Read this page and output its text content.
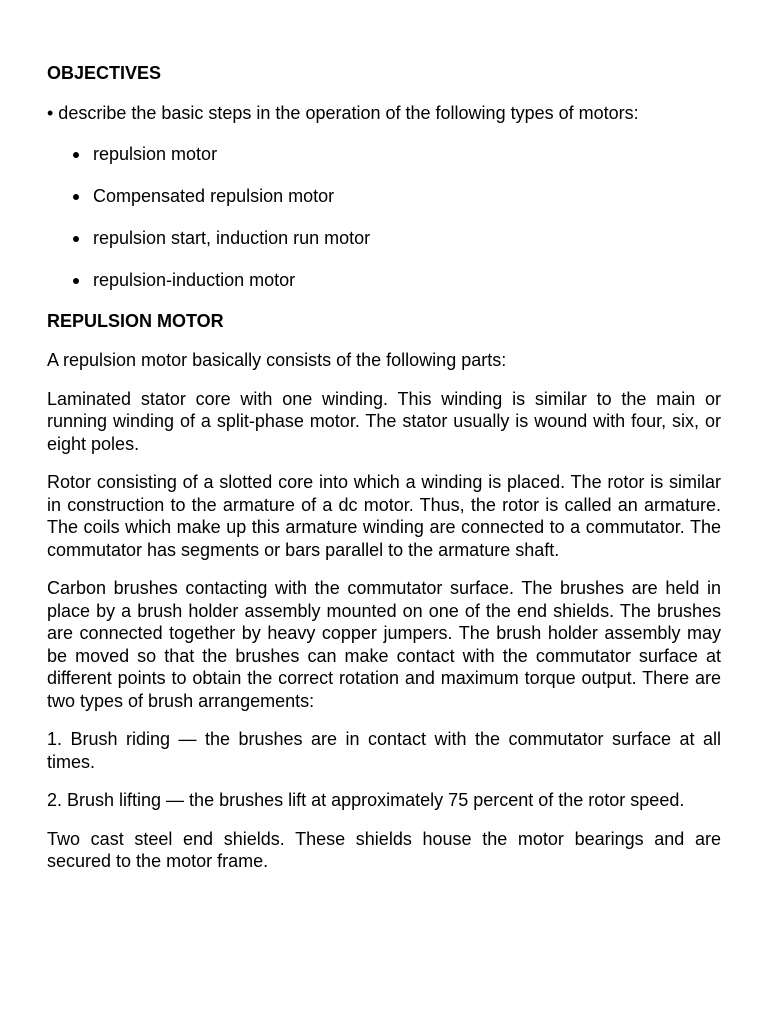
OBJECTIVES

• describe the basic steps in the operation of the following types of motors:

repulsion motor
Compensated repulsion motor
repulsion start, induction run motor
repulsion-induction motor

REPULSION MOTOR

A repulsion motor basically consists of the following parts:

Laminated stator core with one winding. This winding is similar to the main or running winding of a split-phase motor. The stator usually is wound with four, six, or eight poles.

Rotor consisting of a slotted core into which a winding is placed. The rotor is similar in construction to the armature of a dc motor. Thus, the rotor is called an armature. The coils which make up this armature winding are connected to a commutator. The commutator has segments or bars parallel to the armature shaft.

Carbon brushes contacting with the commutator surface. The brushes are held in place by a brush holder assembly mounted on one of the end shields. The brushes are connected together by heavy copper jumpers. The brush holder assembly may be moved so that the brushes can make contact with the commutator surface at different points to obtain the correct rotation and maximum torque output. There are two types of brush arrangements:

1. Brush riding — the brushes are in contact with the commutator surface at all times.

2. Brush lifting — the brushes lift at approximately 75 percent of the rotor speed.

Two cast steel end shields. These shields house the motor bearings and are secured to the motor frame.
